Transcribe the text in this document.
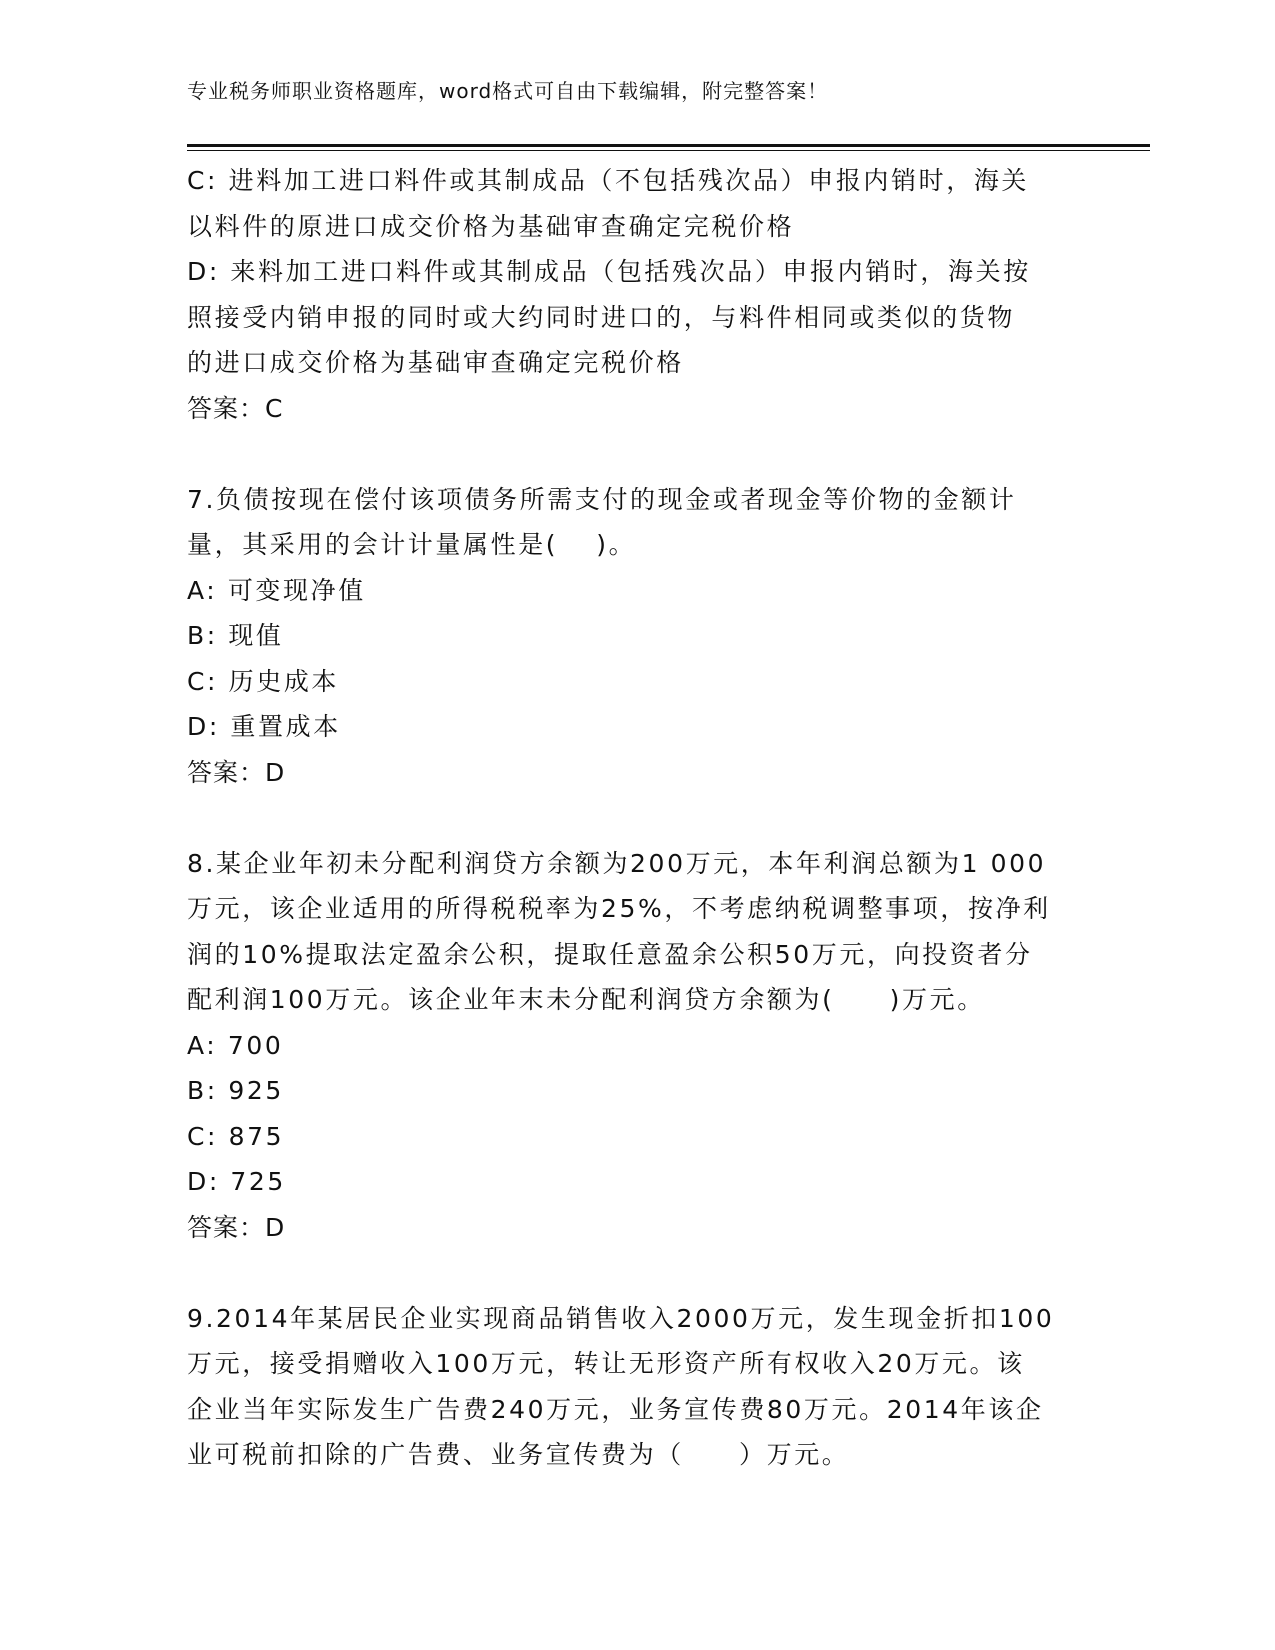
专业税务师职业资格题库，word格式可自由下载编辑，附完整答案！
C: 进料加工进口料件或其制成品（不包括残次品）申报内销时，海关
以料件的原进口成交价格为基础审查确定完税价格
D: 来料加工进口料件或其制成品（包括残次品）申报内销时，海关按
照接受内销申报的同时或大约同时进口的，与料件相同或类似的货物
的进口成交价格为基础审查确定完税价格
答案：C
7.负债按现在偿付该项债务所需支付的现金或者现金等价物的金额计
量，其采用的会计计量属性是(　 )。
A: 可变现净值
B: 现值
C: 历史成本
D: 重置成本
答案：D
8.某企业年初未分配利润贷方余额为200万元，本年利润总额为1 000
万元，该企业适用的所得税税率为25%，不考虑纳税调整事项，按净利
润的10%提取法定盈余公积，提取任意盈余公积50万元，向投资者分
配利润100万元。该企业年末未分配利润贷方余额为(　　)万元。
A: 700
B: 925
C: 875
D: 725
答案：D
9.2014年某居民企业实现商品销售收入2000万元，发生现金折扣100
万元，接受捐赠收入100万元，转让无形资产所有权收入20万元。该
企业当年实际发生广告费240万元，业务宣传费80万元。2014年该企
业可税前扣除的广告费、业务宣传费为（　　）万元。
